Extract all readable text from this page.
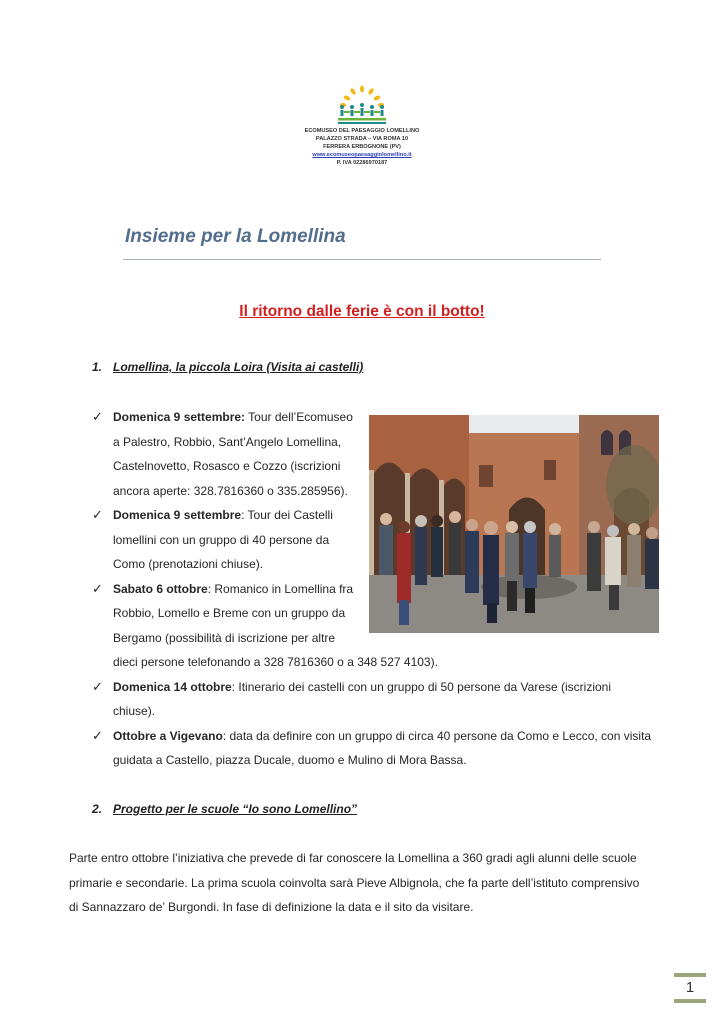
ECOMUSEO DEL PAESAGGIO LOMELLINO
PALAZZO STRADA – VIA ROMA 10
FERRERA ERBOGNONE (PV)
www.ecomuseopaesaggiolomellino.it
P. IVA 02286970187
Insieme per la Lomellina
Il ritorno dalle ferie è con il botto!
1. Lomellina, la piccola Loira (Visita ai castelli)
✓ Domenica 9 settembre: Tour dell’Ecomuseo
a Palestro, Robbio, Sant’Angelo Lomellina,
Castelnovetto, Rosasco e Cozzo (iscrizioni
ancora aperte: 328.7816360 o 335.285956).
✓ Domenica 9 settembre: Tour dei Castelli
lomellini con un gruppo di 40 persone da
Como (prenotazioni chiuse).
✓ Sabato 6 ottobre: Romanico in Lomellina fra
Robbio, Lomello e Breme con un gruppo da
Bergamo (possibilità di iscrizione per altre
dieci persone telefonando a 328 7816360 o a 348 527 4103).
✓ Domenica 14 ottobre: Itinerario dei castelli con un gruppo di 50 persone da Varese (iscrizioni
chiuse).
✓ Ottobre a Vigevano: data da definire con un gruppo di circa 40 persone da Como e Lecco, con visita
guidata a Castello, piazza Ducale, duomo e Mulino di Mora Bassa.
2. Progetto per le scuole “Io sono Lomellino”
Parte entro ottobre l’iniziativa che prevede di far conoscere la Lomellina a 360 gradi agli alunni delle scuole
primarie e secondarie. La prima scuola coinvolta sarà Pieve Albignola, che fa parte dell’istituto comprensivo
di Sannazzaro de’ Burgondi. In fase di definizione la data e il sito da visitare.
1
